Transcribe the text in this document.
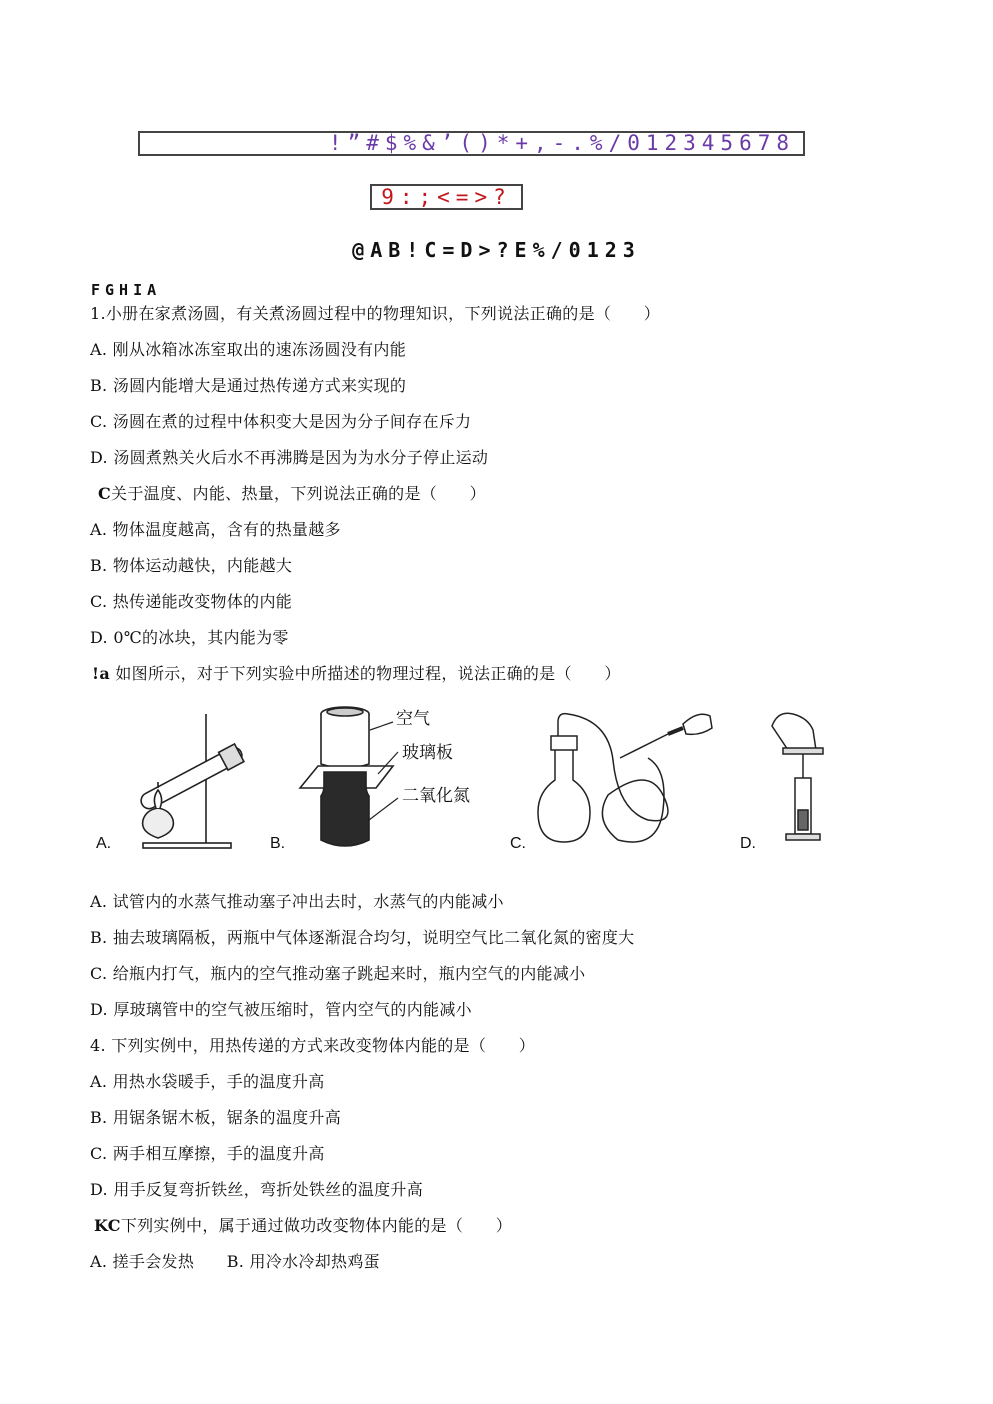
!”#$%&’()*+,-.%/012345678
9:;<=>?
@AB!C=D>?E%/0123
FGHIA
1.小册在家煮汤圆，有关煮汤圆过程中的物理知识，下列说法正确的是（　　）
A. 刚从冰箱冰冻室取出的速冻汤圆没有内能
B. 汤圆内能增大是通过热传递方式来实现的
C. 汤圆在煮的过程中体积变大是因为分子间存在斥力
D. 汤圆煮熟关火后水不再沸腾是因为为水分子停止运动
C关于温度、内能、热量，下列说法正确的是（　　）
A. 物体温度越高，含有的热量越多
B. 物体运动越快，内能越大
C. 热传递能改变物体的内能
D. 0℃的冰块，其内能为零
!a 如图所示，对于下列实验中所描述的物理过程，说法正确的是（　　）
A.
空气
玻璃板
二氧化氮
B.	C.	D.
A. 试管内的水蒸气推动塞子冲出去时，水蒸气的内能减小
B. 抽去玻璃隔板，两瓶中气体逐渐混合均匀，说明空气比二氧化氮的密度大
C. 给瓶内打气，瓶内的空气推动塞子跳起来时，瓶内空气的内能减小
D. 厚玻璃管中的空气被压缩时，管内空气的内能减小
4. 下列实例中，用热传递的方式来改变物体内能的是（　　）
A. 用热水袋暖手，手的温度升高
B. 用锯条锯木板，锯条的温度升高
C. 两手相互摩擦，手的温度升高
D. 用手反复弯折铁丝，弯折处铁丝的温度升高
KC下列实例中，属于通过做功改变物体内能的是（　　）
A. 搓手会发热　　B. 用冷水冷却热鸡蛋
